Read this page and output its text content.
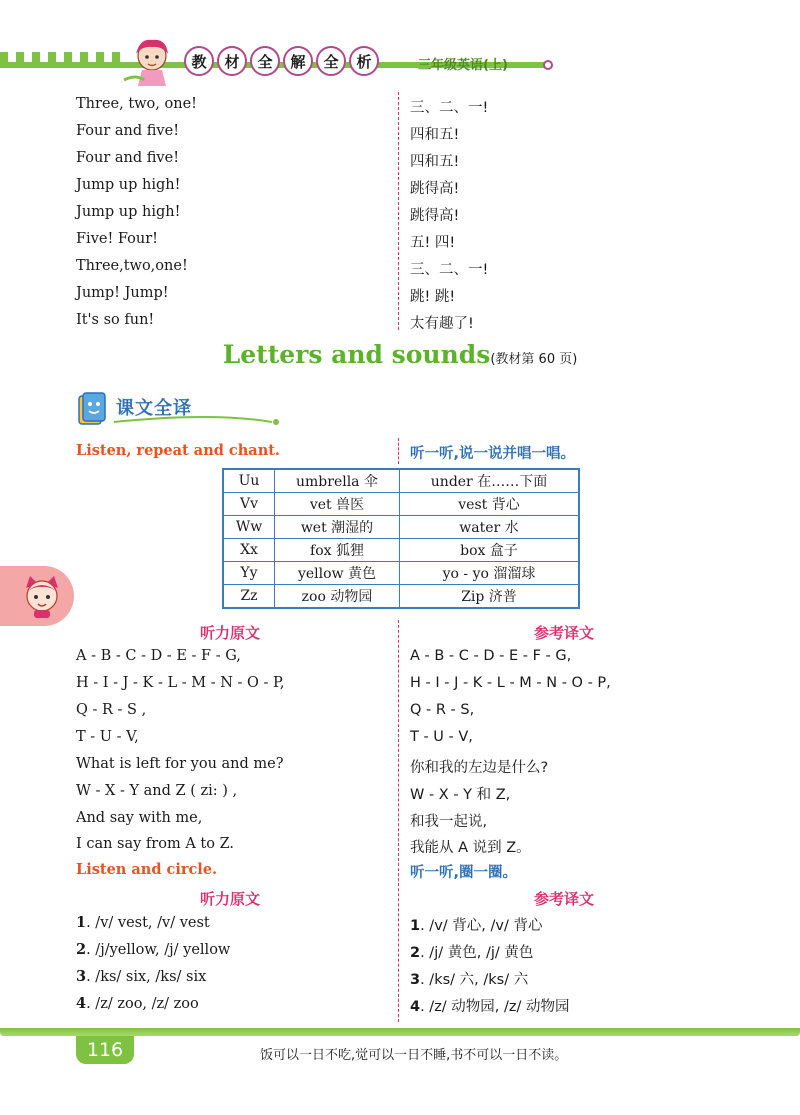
教	材	全	解	全	析	三年级英语(上)
Three, two, one!	三、二、一!
Four and five!	四和五!
Four and five!	四和五!
Jump up high!	跳得高!
Jump up high!	跳得高!
Five! Four!	五! 四!
Three,two,one!	三、二、一!
Jump! Jump!	跳! 跳!
It's so fun!	太有趣了!
Letters and sounds(教材第 60 页)
课文全译
Listen, repeat and chant.	听一听,说一说并唱一唱。
Uu	umbrella 伞	under 在……下面
Vv	vet 兽医	vest 背心
Ww	wet 潮湿的	water 水
Xx	fox 狐狸	box 盒子
Yy	yellow 黄色	yo - yo 溜溜球
Zz	zoo 动物园	Zip 济普
听力原文	参考译文
A - B - C - D - E - F - G,	A - B - C - D - E - F - G,
H - I - J - K - L - M - N - O - P,	H - I - J - K - L - M - N - O - P,
Q - R - S ,	Q - R - S,
T - U - V,	T - U - V,
What is left for you and me?	你和我的左边是什么?
W - X - Y and Z ( zi: ) ,	W - X - Y 和 Z,
And say with me,	和我一起说,
I can say from A to Z.	我能从 A 说到 Z。
Listen and circle.	听一听,圈一圈。
听力原文	参考译文
1. /v/ vest, /v/ vest	1. /v/ 背心, /v/ 背心
2. /j/yellow, /j/ yellow	2. /j/ 黄色, /j/ 黄色
3. /ks/ six, /ks/ six	3. /ks/ 六, /ks/ 六
4. /z/ zoo, /z/ zoo	4. /z/ 动物园, /z/ 动物园
116	饭可以一日不吃,觉可以一日不睡,书不可以一日不读。
